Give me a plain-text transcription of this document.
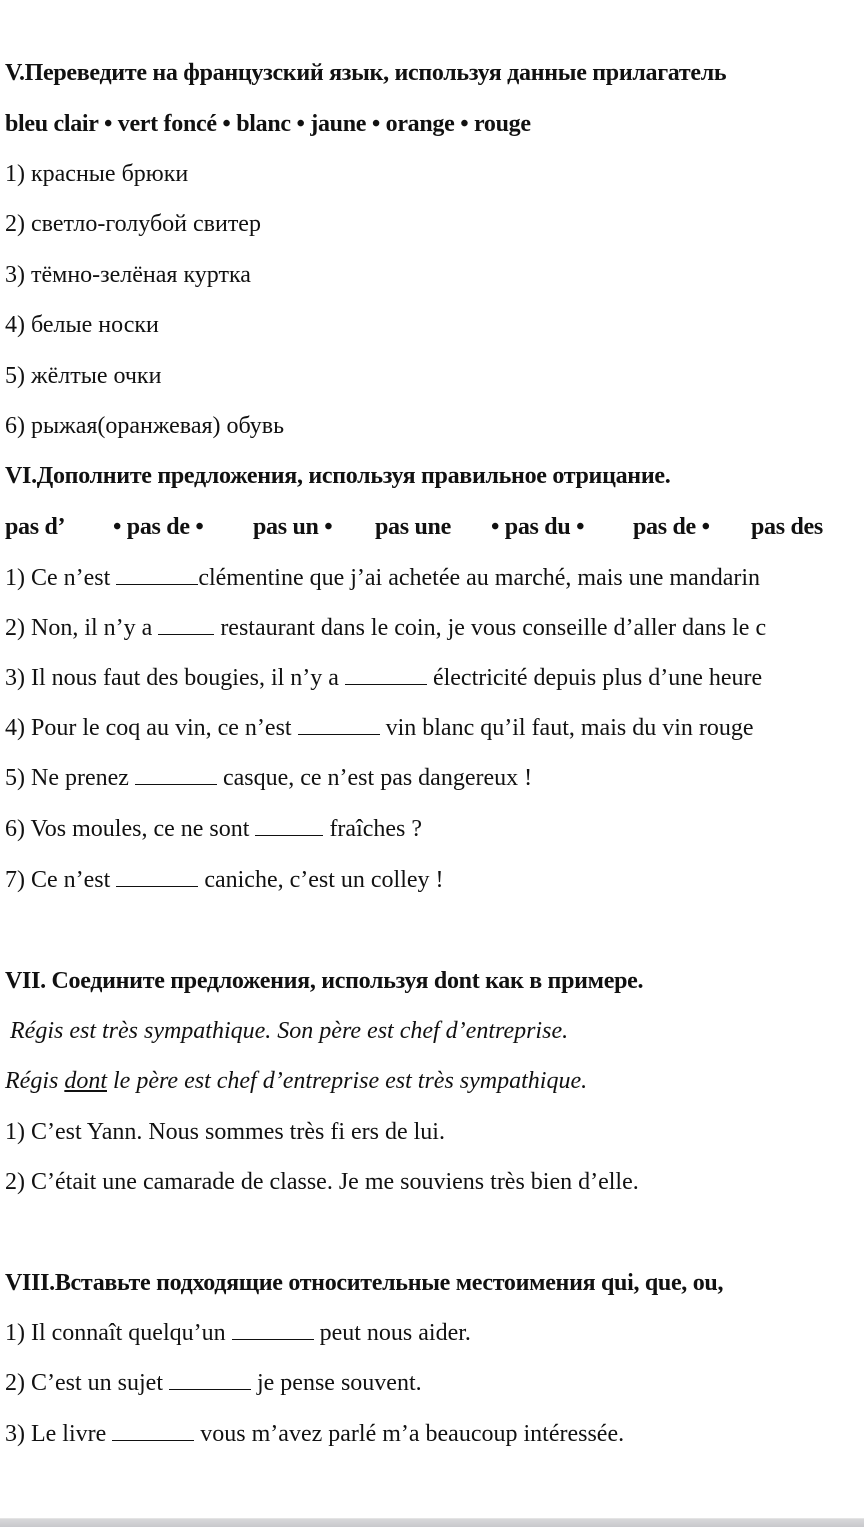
V.Переведите на французский язык, используя данные прилагатель
bleu clair • vert foncé • blanc • jaune • orange • rouge
1) красные брюки
2) светло-голубой свитер
3) тёмно-зелёная куртка
4) белые носки
5) жёлтые очки
6) рыжая(оранжевая) обувь
VI.Дополните предложения, используя правильное отрицание.
pas d’ • pas de • pas un • pas une • pas du • pas de • pas des
1) Ce n’est	clémentine que j’ai achetée au marché, mais une mandarin
2) Non, il n’y a  restaurant dans le coin, je vous conseille d’aller dans le c
3) Il nous faut des bougies, il n’y a	électricité depuis plus d’une heure
4) Pour le coq au vin, ce n’est	vin blanc qu’il faut, mais du vin rouge
5) Ne prenez	casque, ce n’est pas dangereux !
6) Vos moules, ce ne sont	fraîches ?
7) Ce n’est	caniche, c’est un colley !
VII. Соедините предложения, используя dont как в примере.
Régis est très sympathique. Son père est chef d’entreprise.
Régis dont le père est chef d’entreprise est très sympathique.
1) C’est Yann. Nous sommes très fi ers de lui.
2) C’était une camarade de classe. Je me souviens très bien d’elle.
VIII.Вставьте подходящие относительные местоимения qui, que, ou,
1) Il connaît quelqu’un	peut nous aider.
2) C’est un sujet	je pense souvent.
3) Le livre	vous m’avez parlé m’a beaucoup intéressée.
